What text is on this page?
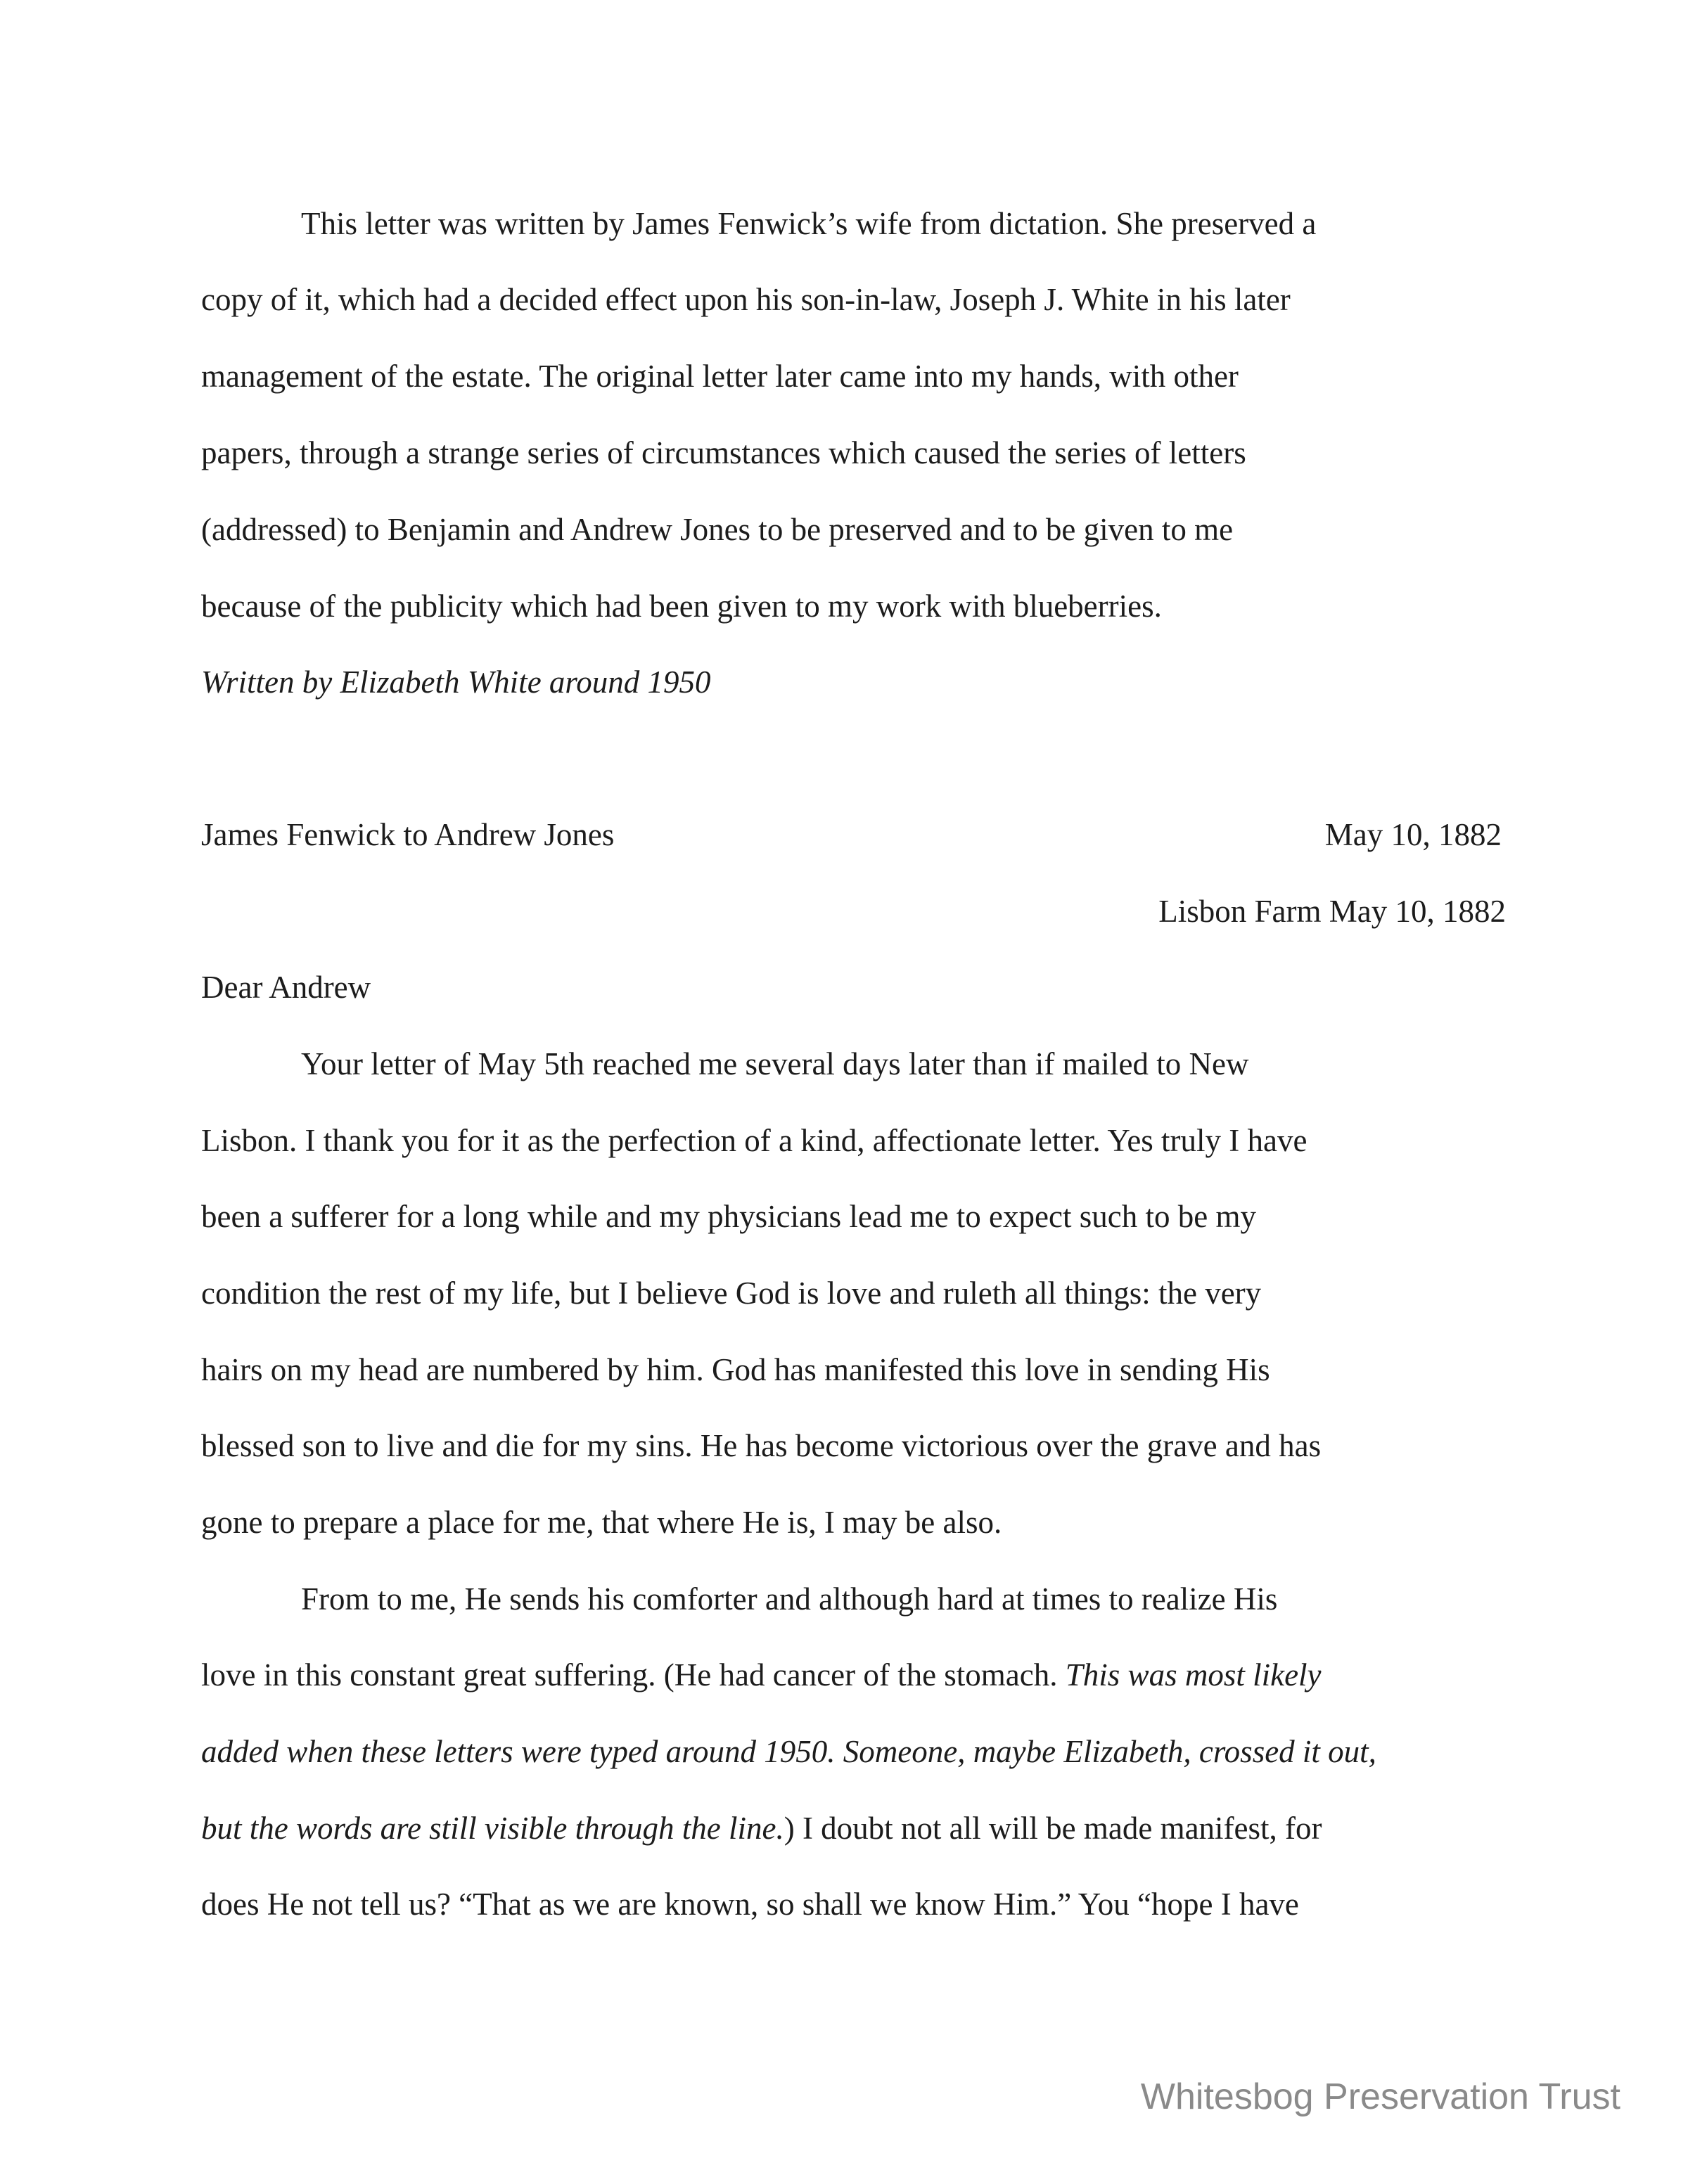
This letter was written by James Fenwick’s wife from dictation. She preserved a
copy of it, which had a decided effect upon his son-in-law, Joseph J. White in his later
management of the estate. The original letter later came into my hands, with other
papers, through a strange series of circumstances which caused the series of letters
(addressed) to Benjamin and Andrew Jones to be preserved and to be given to me
because of the publicity which had been given to my work with blueberries.
Written by Elizabeth White around 1950
James Fenwick to Andrew Jones	May 10, 1882
Lisbon Farm May 10, 1882
Dear Andrew
Your letter of May 5th reached me several days later than if mailed to New
Lisbon. I thank you for it as the perfection of a kind, affectionate letter. Yes truly I have
been a sufferer for a long while and my physicians lead me to expect such to be my
condition the rest of my life, but I believe God is love and ruleth all things: the very
hairs on my head are numbered by him. God has manifested this love in sending His
blessed son to live and die for my sins. He has become victorious over the grave and has
gone to prepare a place for me, that where He is, I may be also.
From to me, He sends his comforter and although hard at times to realize His
love in this constant great suffering. (He had cancer of the stomach. This was most likely
added when these letters were typed around 1950. Someone, maybe Elizabeth, crossed it out,
but the words are still visible through the line.) I doubt not all will be made manifest, for
does He not tell us? “That as we are known, so shall we know Him.” You “hope I have
Whitesbog Preservation Trust
